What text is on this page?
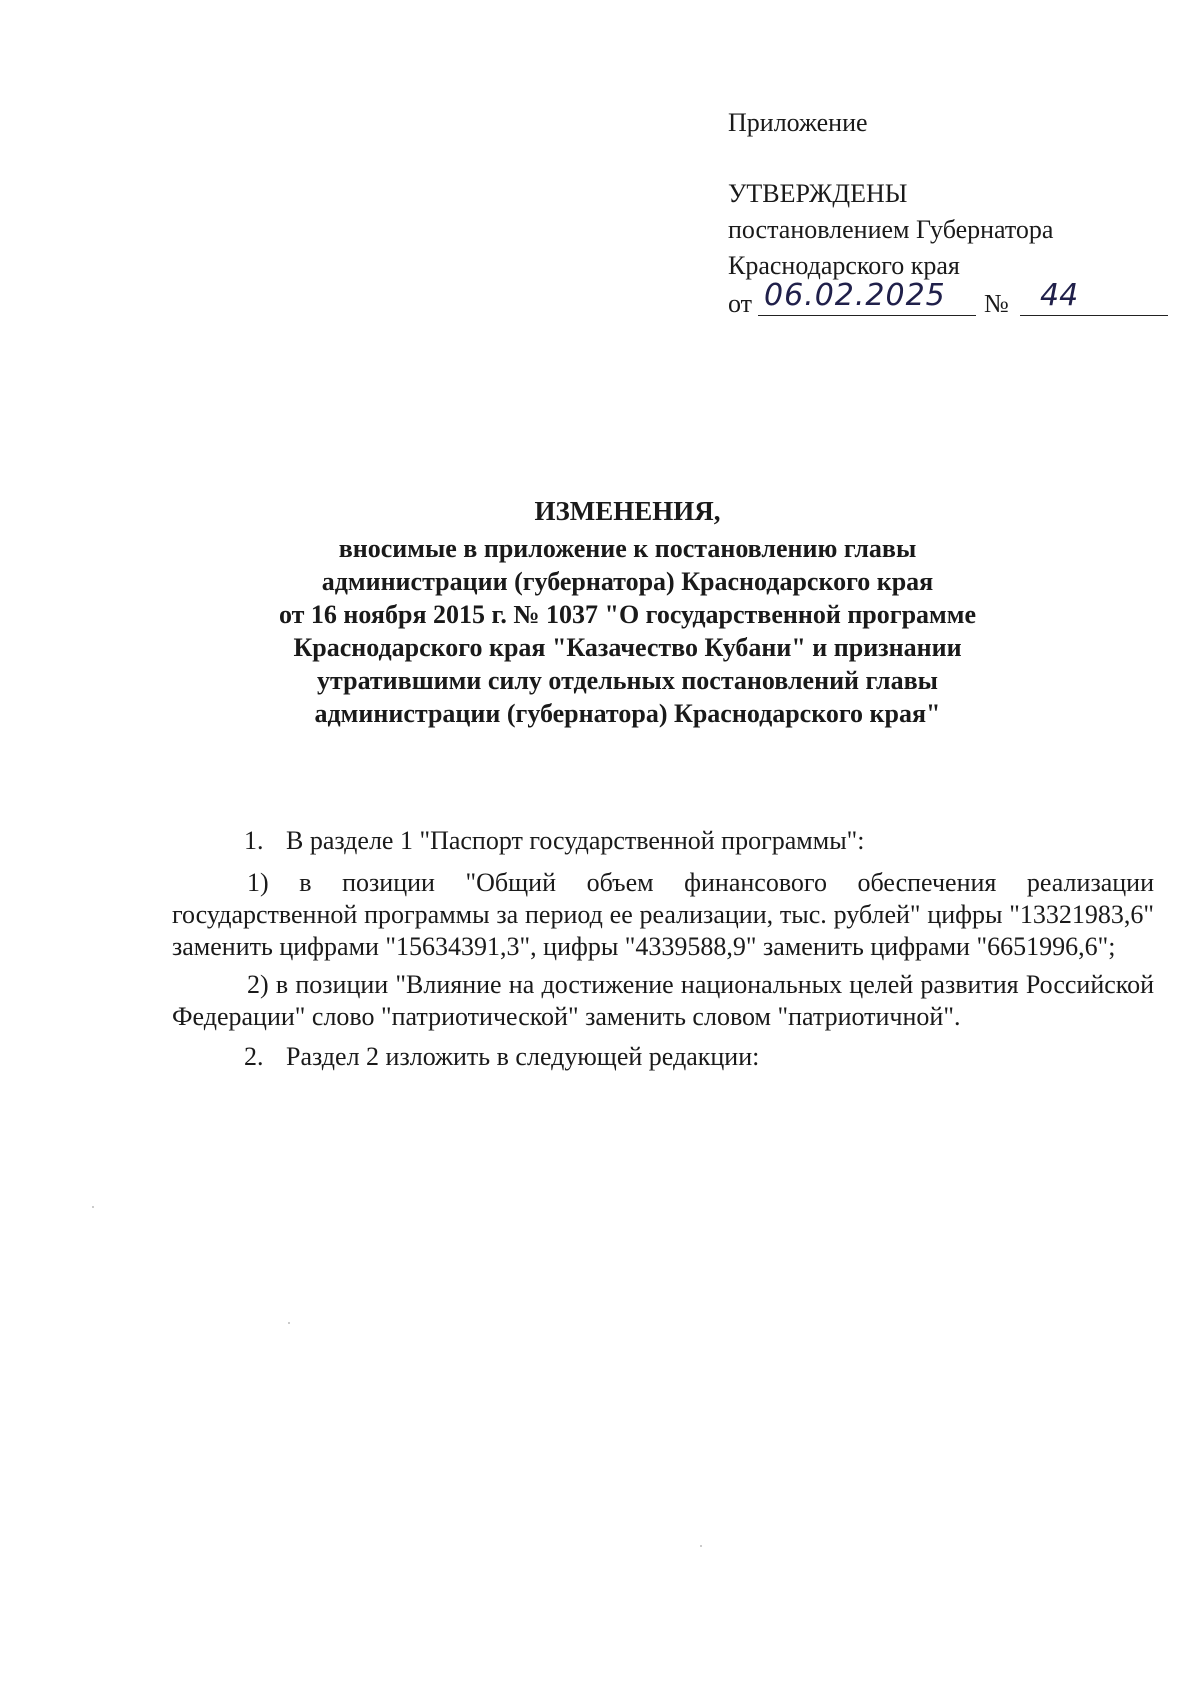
Приложение
УТВЕРЖДЕНЫ
постановлением Губернатора
Краснодарского края
от 06.02.2025	№	44
ИЗМЕНЕНИЯ,
вносимые в приложение к постановлению главы
администрации (губернатора) Краснодарского края
от 16 ноября 2015 г. № 1037 "О государственной программе
Краснодарского края "Казачество Кубани" и признании
утратившими силу отдельных постановлений главы
администрации (губернатора) Краснодарского края"
1. В разделе 1 "Паспорт государственной программы":

1) в позиции "Общий объем финансового обеспечения реализации государственной программы за период ее реализации, тыс. рублей" цифры "13321983,6" заменить цифрами "15634391,3", цифры "4339588,9" заменить цифрами "6651996,6";

2) в позиции "Влияние на достижение национальных целей развития Российской Федерации" слово "патриотической" заменить словом "патриотичной".

2. Раздел 2 изложить в следующей редакции:
